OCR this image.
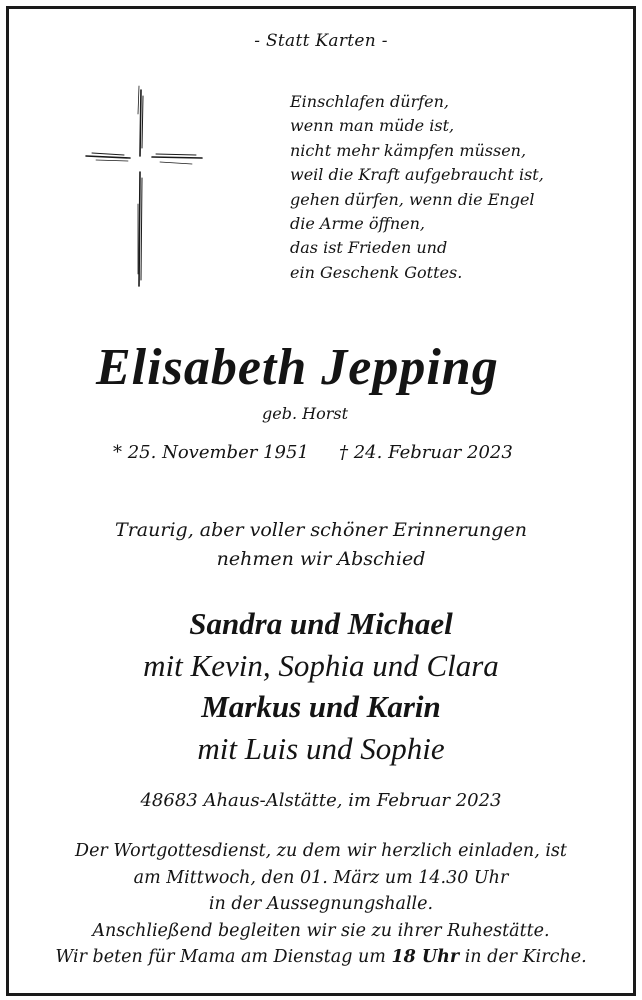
- Statt Karten -
Einschlafen dürfen,
wenn man müde ist,
nicht mehr kämpfen müssen,
weil die Kraft aufgebraucht ist,
gehen dürfen, wenn die Engel
die Arme öffnen,
das ist Frieden und
ein Geschenk Gottes.
Elisabeth Jepping
geb. Horst
* 25. November 1951 † 24. Februar 2023
Traurig, aber voller schöner Erinnerungen
nehmen wir Abschied
Sandra und Michael
mit Kevin, Sophia und Clara
Markus und Karin
mit Luis und Sophie
48683 Ahaus-Alstätte, im Februar 2023
Der Wortgottesdienst, zu dem wir herzlich einladen, ist
am Mittwoch, den 01. März um 14.30 Uhr
in der Aussegnungshalle.
Anschließend begleiten wir sie zu ihrer Ruhestätte.
Wir beten für Mama am Dienstag um 18 Uhr in der Kirche.
